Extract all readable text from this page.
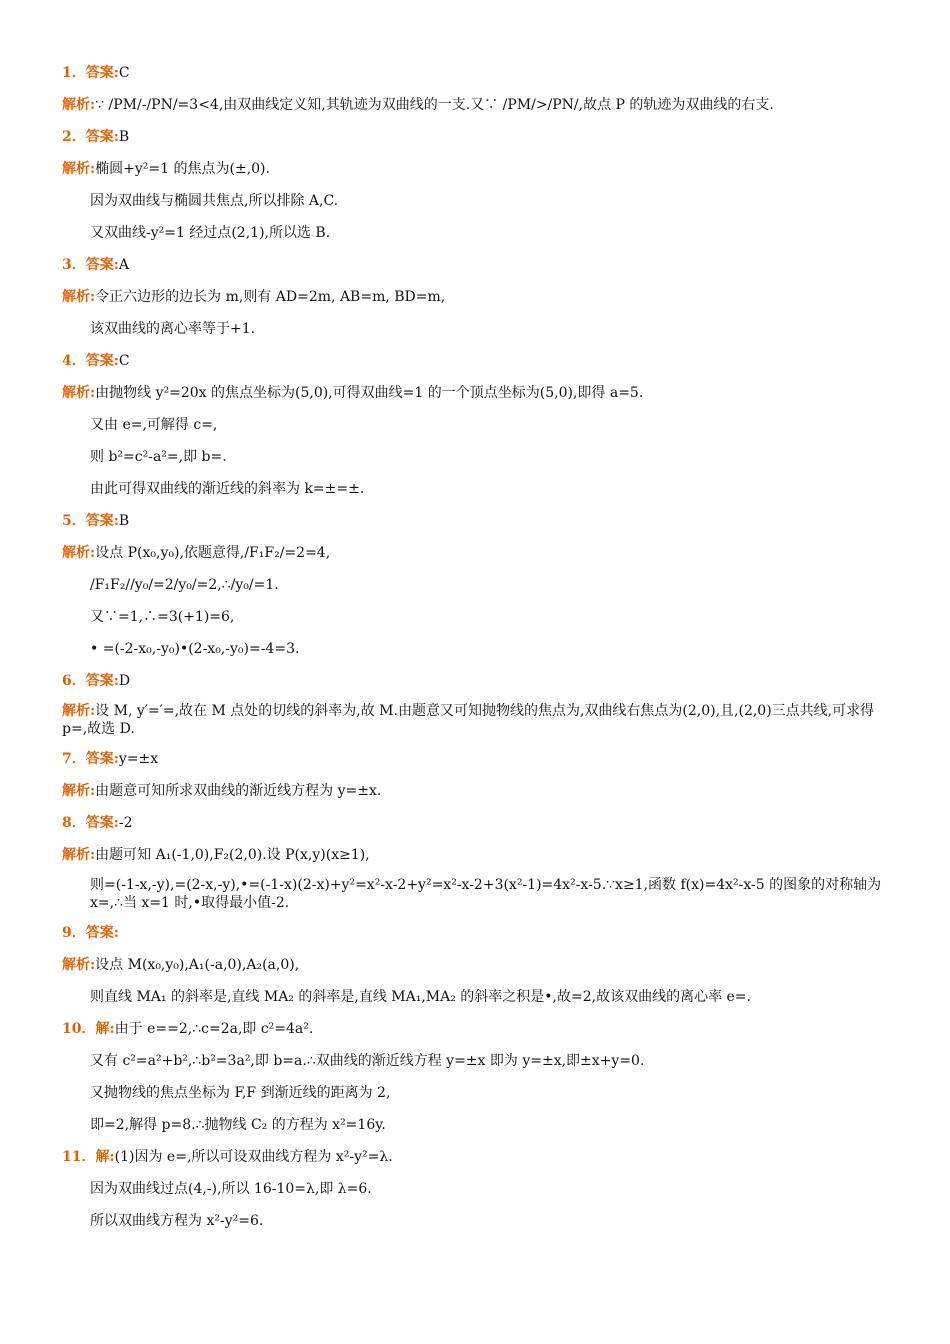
1．答案:C
解析:∵ /PM/-/PN/=3<4,由双曲线定义知,其轨迹为双曲线的一支.又∵ /PM/>/PN/,故点 P 的轨迹为双曲线的右支.
2．答案:B
解析:椭圆+y²=1 的焦点为(±,0).
因为双曲线与椭圆共焦点,所以排除 A,C.
又双曲线-y²=1 经过点(2,1),所以选 B.
3．答案:A
解析:令正六边形的边长为 m,则有 AD=2m, AB=m, BD=m,
该双曲线的离心率等于+1.
4．答案:C
解析:由抛物线 y²=20x 的焦点坐标为(5,0),可得双曲线=1 的一个顶点坐标为(5,0),即得 a=5.
又由 e=,可解得 c=,
则 b²=c²-a²=,即 b=.
由此可得双曲线的渐近线的斜率为 k=±=±.
5．答案:B
解析:设点 P(x₀,y₀),依题意得,/F₁F₂/=2=4,
/F₁F₂//y₀/=2/y₀/=2,∴/y₀/=1.
又∵=1,∴=3(+1)=6,
• =(-2-x₀,-y₀)•(2-x₀,-y₀)=-4=3.
6．答案:D
解析:设 M, y′=′=,故在 M 点处的切线的斜率为,故 M.由题意又可知抛物线的焦点为,双曲线右焦点为(2,0),且,(2,0)三点共线,可求得 p=,故选 D.
7．答案:y=±x
解析:由题意可知所求双曲线的渐近线方程为 y=±x.
8．答案:-2
解析:由题可知 A₁(-1,0),F₂(2,0).设 P(x,y)(x≥1),
则=(-1-x,-y),=(2-x,-y),•=(-1-x)(2-x)+y²=x²-x-2+y²=x²-x-2+3(x²-1)=4x²-x-5.∵x≥1,函数 f(x)=4x²-x-5 的图象的对称轴为 x=,∴当 x=1 时,•取得最小值-2.
9．答案:
解析:设点 M(x₀,y₀),A₁(-a,0),A₂(a,0),
则直线 MA₁ 的斜率是,直线 MA₂ 的斜率是,直线 MA₁,MA₂ 的斜率之积是•,故=2,故该双曲线的离心率 e=.
10．解:由于 e==2,∴c=2a,即 c²=4a².
又有 c²=a²+b²,∴b²=3a²,即 b=a.∴双曲线的渐近线方程 y=±x 即为 y=±x,即±x+y=0.
又抛物线的焦点坐标为 F,F 到渐近线的距离为 2,
即=2,解得 p=8.∴抛物线 C₂ 的方程为 x²=16y.
11．解:(1)因为 e=,所以可设双曲线方程为 x²-y²=λ.
因为双曲线过点(4,-),所以 16-10=λ,即 λ=6.
所以双曲线方程为 x²-y²=6.
